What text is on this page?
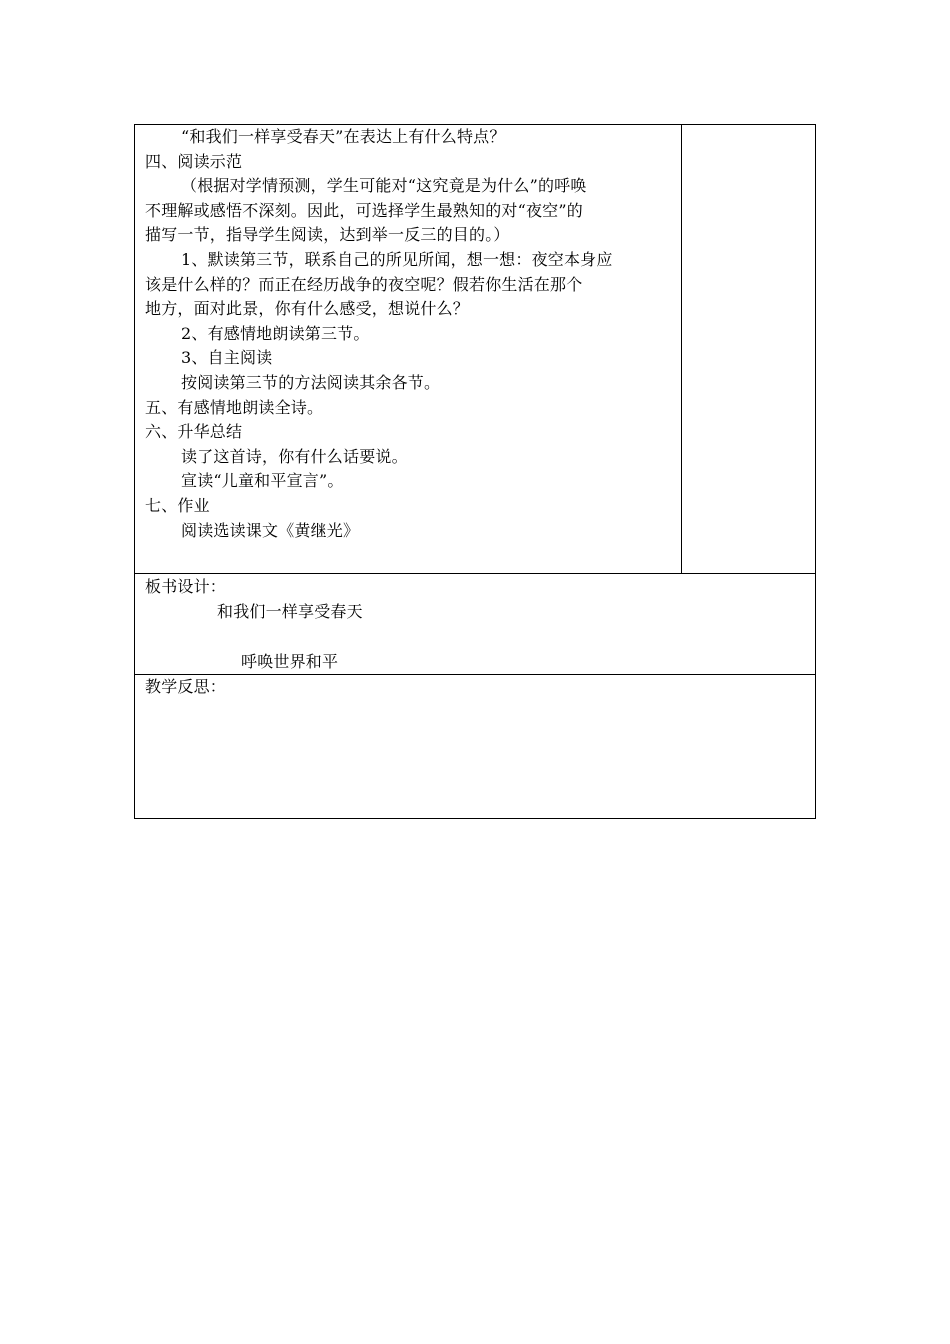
“和我们一样享受春天”在表达上有什么特点？
四、阅读示范
（根据对学情预测，学生可能对“这究竟是为什么”的呼唤
不理解或感悟不深刻。因此，可选择学生最熟知的对“夜空”的
描写一节，指导学生阅读，达到举一反三的目的。）
1、默读第三节，联系自己的所见所闻，想一想：夜空本身应
该是什么样的？而正在经历战争的夜空呢？假若你生活在那个
地方，面对此景，你有什么感受，想说什么？
2、有感情地朗读第三节。
3、自主阅读
按阅读第三节的方法阅读其余各节。
五、有感情地朗读全诗。
六、升华总结
读了这首诗，你有什么话要说。
宣读“儿童和平宣言”。
七、作业
阅读选读课文《黄继光》

板书设计：
和我们一样享受春天
呼唤世界和平

教学反思：
